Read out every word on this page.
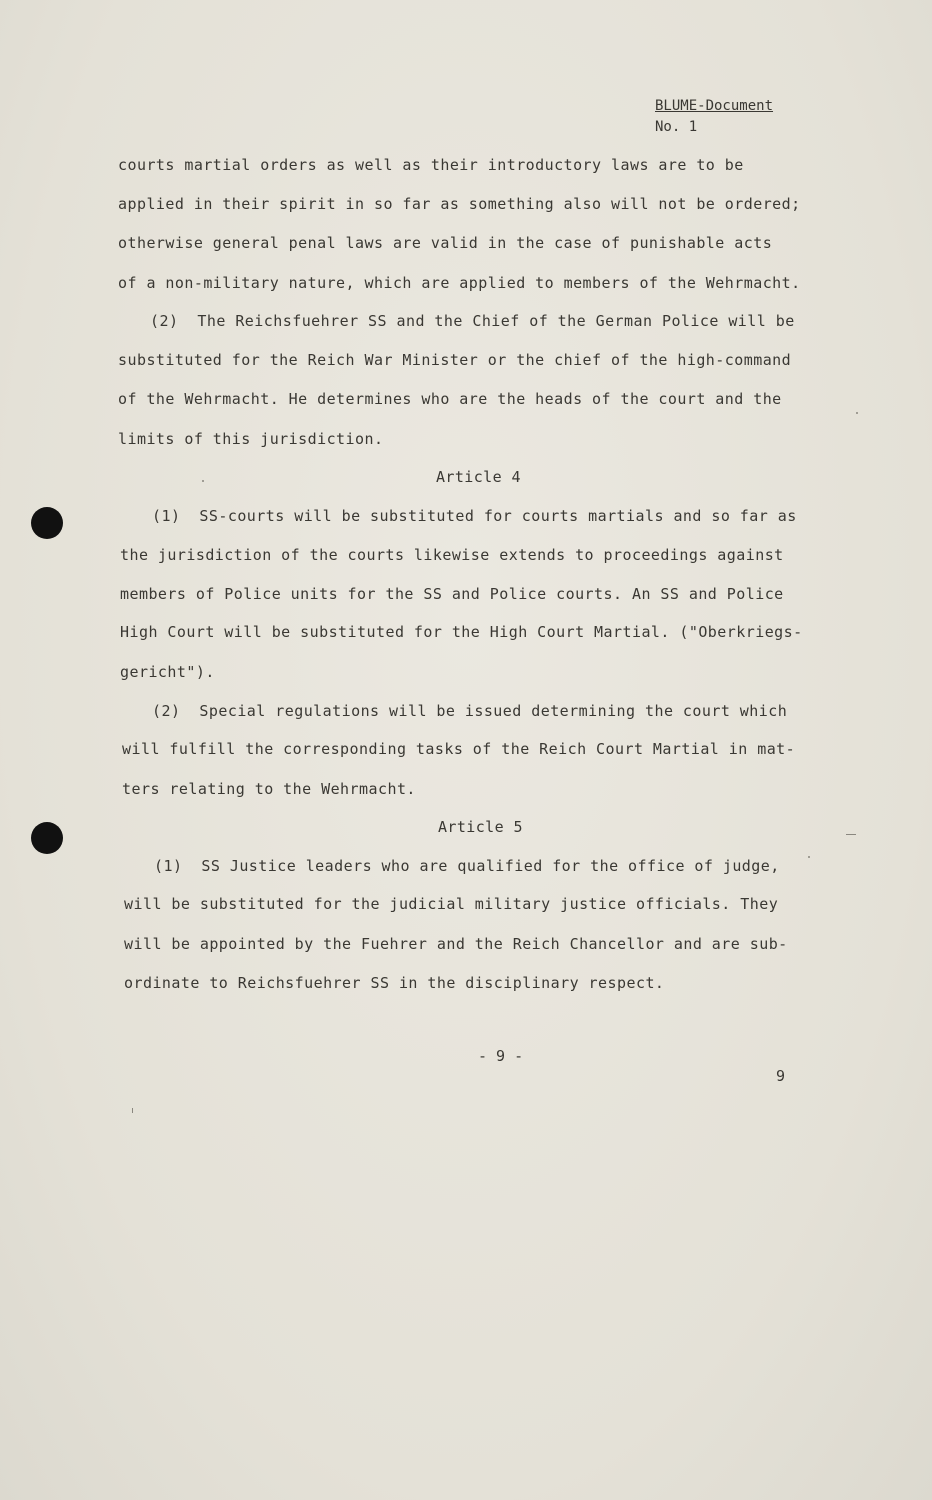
BLUME-Document
No. 1
courts martial orders as well as their introductory laws are to be
applied in their spirit in so far as something also will not be ordered;
otherwise general penal laws are valid in the case of punishable acts
of a non-military nature, which are applied to members of the Wehrmacht.
(2)  The Reichsfuehrer SS and the Chief of the German Police will be
substituted for the Reich War Minister or the chief of the high-command
of the Wehrmacht. He determines who are the heads of the court and the
limits of this jurisdiction.
Article 4
(1)  SS-courts will be substituted for courts martials and so far as
the jurisdiction of the courts likewise extends to proceedings against
members of Police units for the SS and Police courts. An SS and Police
High Court will be substituted for the High Court Martial. ("Oberkriegs-
gericht").
(2)  Special regulations will be issued determining the court which
will fulfill the corresponding tasks of the Reich Court Martial in mat-
ters relating to the Wehrmacht.
Article 5
(1)  SS Justice leaders who are qualified for the office of judge,
will be substituted for the judicial military justice officials. They
will be appointed by the Fuehrer and the Reich Chancellor and are sub-
ordinate to Reichsfuehrer SS in the disciplinary respect.
- 9 -
9
